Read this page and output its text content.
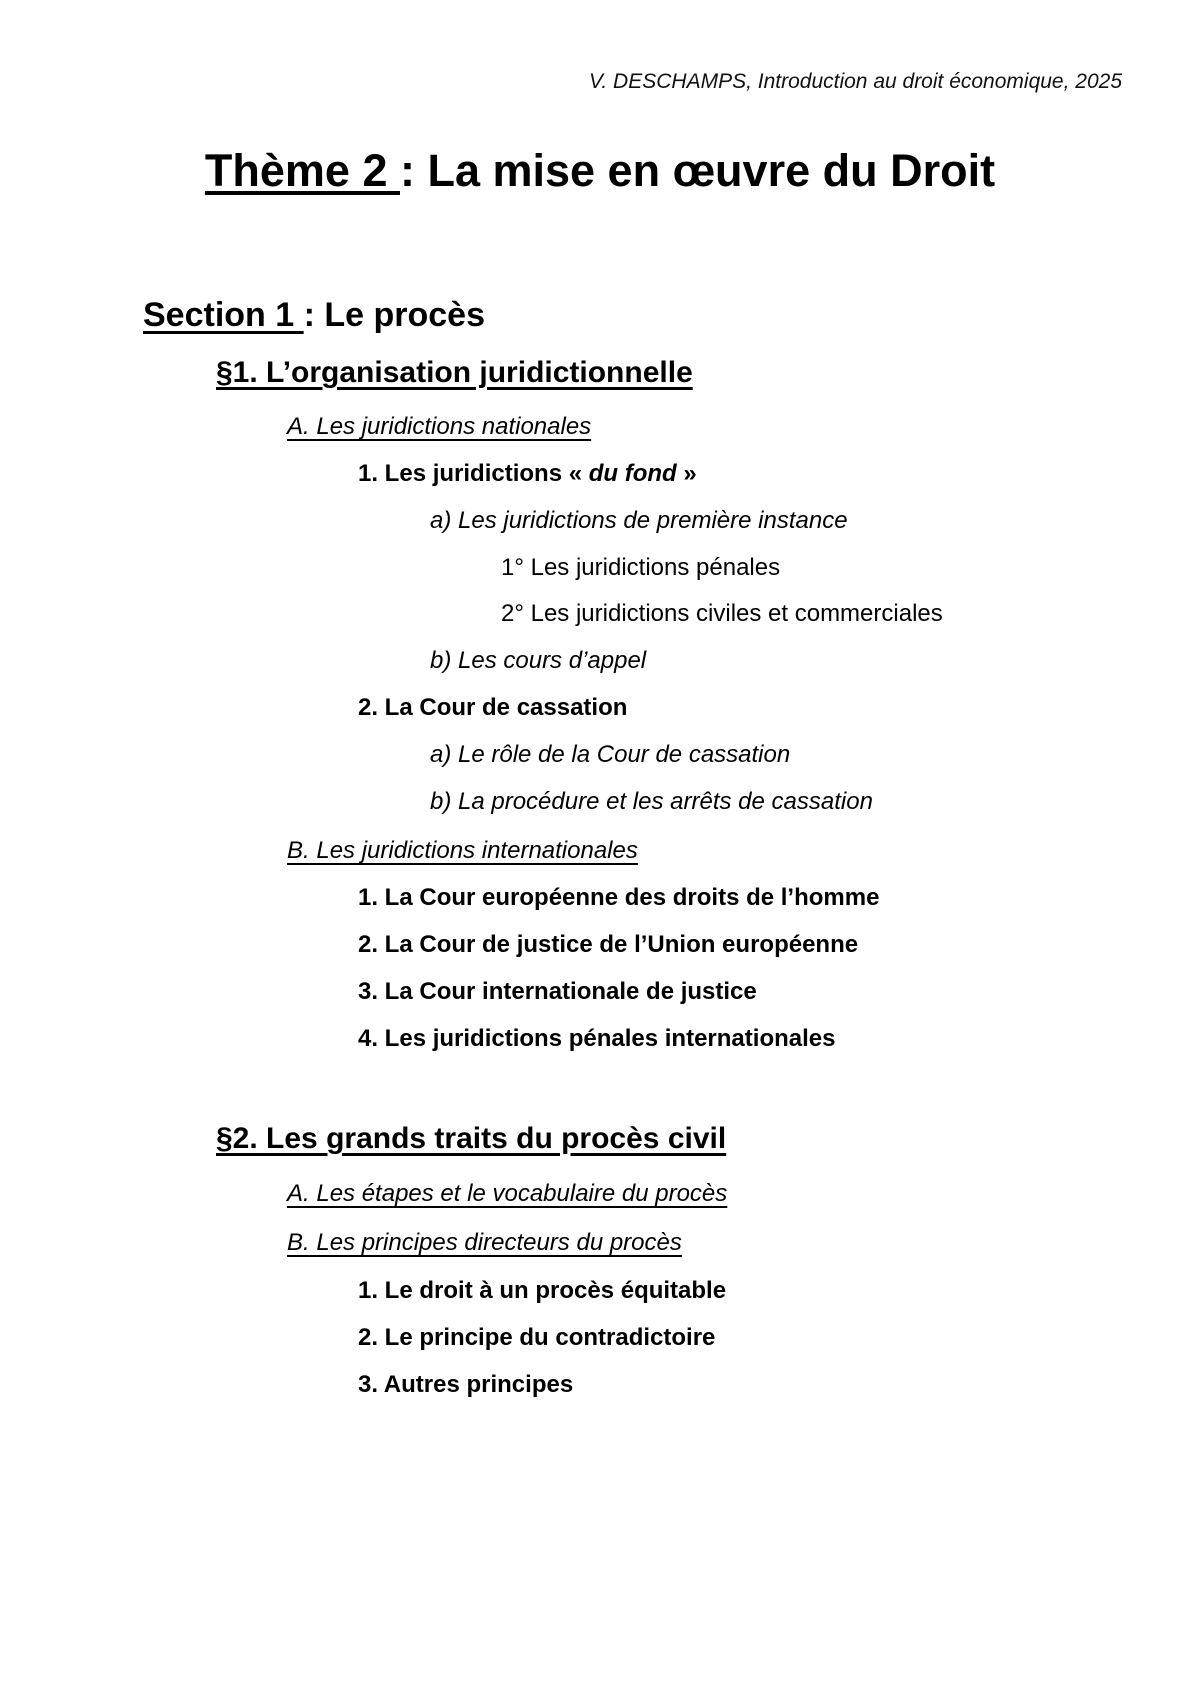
V. DESCHAMPS, Introduction au droit économique, 2025
Thème 2 : La mise en œuvre du Droit
Section 1 : Le procès
§1. L’organisation juridictionnelle
A. Les juridictions nationales
1. Les juridictions « du fond »
a) Les juridictions de première instance
1° Les juridictions pénales
2° Les juridictions civiles et commerciales
b) Les cours d’appel
2. La Cour de cassation
a) Le rôle de la Cour de cassation
b) La procédure et les arrêts de cassation
B. Les juridictions internationales
1. La Cour européenne des droits de l’homme
2. La Cour de justice de l’Union européenne
3. La Cour internationale de justice
4. Les juridictions pénales internationales
§2. Les grands traits du procès civil
A. Les étapes et le vocabulaire du procès
B. Les principes directeurs du procès
1. Le droit à un procès équitable
2. Le principe du contradictoire
3. Autres principes
